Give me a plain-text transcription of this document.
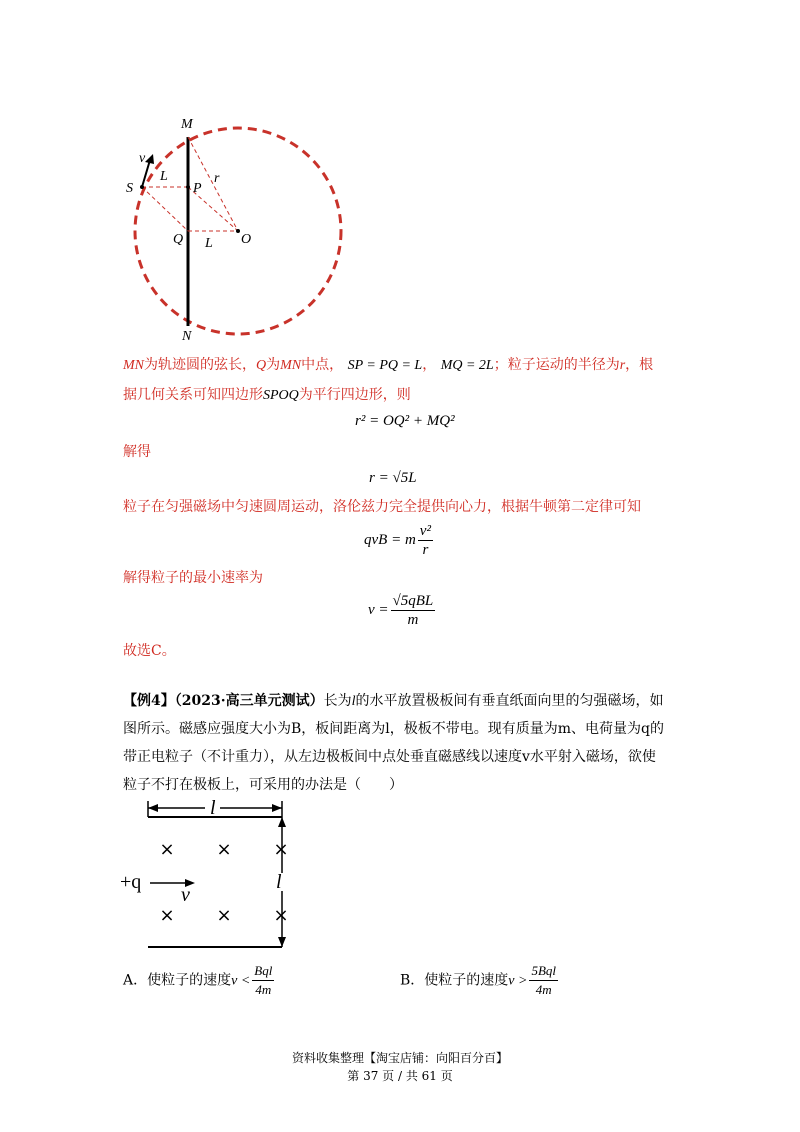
M
N
S	P
Q	O
v
r
L
L
MN为轨迹圆的弦长，Q为MN中点， SP = PQ = L， MQ = 2L；粒子运动的半径为r，根
据几何关系可知四边形SPOQ为平行四边形，则
r² = OQ² + MQ²
解得
r = √5L
粒子在匀强磁场中匀速圆周运动，洛伦兹力完全提供向心力，根据牛顿第二定律可知
qvB = m $\frac{\text{v²}}{r}$
解得粒子的最小速率为
$v = \frac{\text{√5qBL}}{m}$
故选C。
【例4】（2023·高三单元测试）长为l的水平放置极板间有垂直纸面向里的匀强磁场，如
图所示。磁感应强度大小为B，板间距离为l，极板不带电。现有质量为m、电荷量为q的
带正电粒子（不计重力），从左边极板间中点处垂直磁感线以速度v水平射入磁场，欲使
粒子不打在极板上，可采用的办法是（　　）
× × ×
× × ×
l
l
+q
v
A．使粒子的速度$v < \frac{\text{Bql}}{4m}$	B．使粒子的速度$v > \frac{\text{5Bql}}{4m}$
资料收集整理【淘宝店铺：向阳百分百】
第 37 页 / 共 61 页
